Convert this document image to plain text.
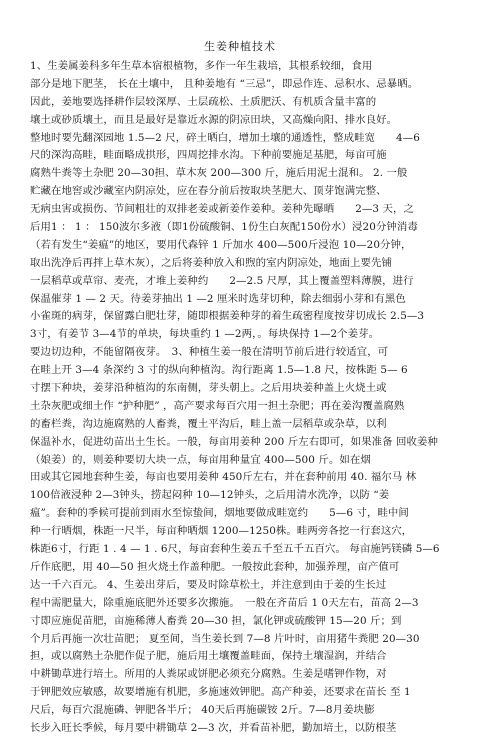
生姜种植技术
1、生姜属姜科多年生草本宿根植物，多作一年生栽培，其根系较细，食用
部分是地下肥茎， 长在土壤中， 且种姜地有 “三忌”，即忌作连、忌积水、忌暴晒。
因此，姜地要选择耕作层较深厚、土层疏松、土质肥沃、有机质含量丰富的
壤土或砂质壤土，而且是最好是靠近水源的阴凉田块，又高燥向阳、排水良好。
整地时要先翻深园地 1.5—2 尺，碎土晒白，增加土壤的通透性，整成畦宽　　4—6
尺的深沟高畦，畦面略成拱形，四周挖排水沟。下种前要施足基肥，每亩可施
腐熟牛粪等土杂肥 20—30担、草木灰 200—300 斤，施后用泥土混和。 2. 一般
贮藏在地窖或沙藏室内阴凉处，应在春分前后按取块茎肥大、顶芽饱满完整、
无病虫害或损伤、节间粗壮的双排老姜或新姜作姜种。姜种先曝晒　　2—3 天，之
后用1 ： 1 ： 150波尔多液（即1份硫酸铜、1份生白灰配150份水）浸20分钟消毒
（若有发生“姜瘟”的地区，要用代森锌 1 斤加水 400—500斤浸泡 10—20分钟，
取出洗净后再拌上草木灰），之后将姜种放入和煦的室内阴凉处，地面上要先铺
一层稻草或草帘、麦壳，才堆上姜种约　　2—2.5 尺厚，其上覆盖塑料薄膜，进行
保温催芽 1 — 2 天。待姜芽抽出 1 —2 厘米时选芽切种，除去细弱小芽和有黑色
小雀斑的病芽，保留露白肥壮芽，随即根据姜种芽的着生疏密程度按芽切成长 2.5—3
3寸，有姜节 3—4节的单块，每块重约 1 —2两，。每块保持 1—2个姜芽。
要边切边种，不能留隔夜芽。　3、种植生姜一般在清明节前后进行较适宜，可
在畦上开 3—4 条深约 3 寸的纵向种植沟。沟行距离 1.5—1.8 尺，按株距 5— 6
寸摆下种块，姜芽沿种植沟的东南侧，芽头朝上。之后用块姜种盖上火烧土或
土杂灰肥或细土作 “护种肥” ，高产要求每百穴用一担土杂肥；再在姜沟覆盖腐熟
的畜栏粪，沟边施腐熟的人畜粪，覆土平沟后，畦上盖一层稻草或杂草，以利
保温补水，促进幼苗出土生长。一般，每亩用姜种 200 斤左右即可，如果准备 回收姜种
（娘姜）的，则姜种要切大块一点，每亩用种量宜 400—500 斤。如在烟
田或其它园地套种生姜，每亩也要用姜种 450斤左右，并在套种前用 40. 福尔马 林
100倍液浸种 2—3钟头，捞起闷种 10—12钟头，之后用清水洗净，以防 “姜
瘟”。套种的季候可提前到雨水至惊蛰间，烟地要做成畦宽约　　5—6 寸，畦中间
种一行晒烟，株距一尺半，每亩种晒烟 1200—1250株。畦两旁各挖一行套这穴，
株距6寸，行距 1 . 4 — 1 . 6尺，每亩套种生姜五千至五千五百穴。 每亩施钙镁磷 5—6
斤作底肥，用 40—50 担火烧土作盖种肥。一般按此套种，加强养理，亩产值可
达一千六百元。 4、生姜出芽后，要及时除草松土，并注意到由于姜的生长过
程中需肥量大，除重施底肥外还要多次搬施。　一般在齐苗后 1 0天左右，苗高 2—3
寸即应施促苗肥，亩施稀薄人畜粪 20—30 担，氯化钾或硫酸钾 15—20 斤；到
个月后再施一次壮苗肥； 夏至间，当生姜长到 7—8 片叶时，亩用猪牛粪肥 20—30
担，或以腐熟土杂肥作促子肥，施后用土壤覆盖畦面，保持土壤湿润，并结合
中耕锄草进行培土。所用的人粪尿或饼肥必须充分腐熟。生姜是嗜钾作物，对
于钾肥效应敏感，故要增施有机肥，多施速效钾肥。高产种姜，还要求在苗长 至 1
尺后，每百穴混施磷、钾肥各半斤； 40天后再施碳铵 2斤。7—8月姜块膨
长步入旺长季候，每月要中耕锄草 2—3 次，并看苗补肥，勤加培土，以防根茎
